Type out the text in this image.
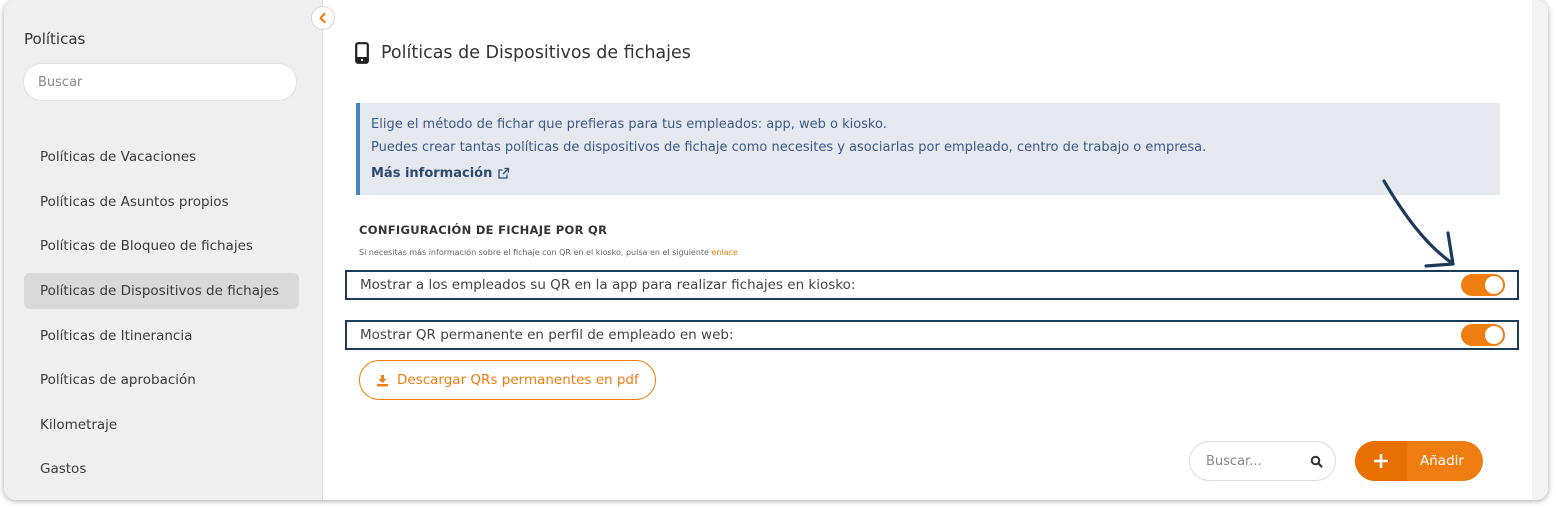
Políticas
Buscar
Políticas de Vacaciones
Políticas de Asuntos propios
Políticas de Bloqueo de fichajes
Políticas de Dispositivos de fichajes
Políticas de Itinerancia
Políticas de aprobación
Kilometraje
Gastos
Políticas de Dispositivos de fichajes
Elige el método de fichar que prefieras para tus empleados: app, web o kiosko.
Puedes crear tantas políticas de dispositivos de fichaje como necesites y asociarlas por empleado, centro de trabajo o empresa.
Más información
CONFIGURACIÓN DE FICHAJE POR QR
Si necesitas más información sobre el fichaje con QR en el kiosko, pulsa en el siguiente enlace
Mostrar a los empleados su QR en la app para realizar fichajes en kiosko:
Mostrar QR permanente en perfil de empleado en web:
Descargar QRs permanentes en pdf
Buscar...
Añadir
